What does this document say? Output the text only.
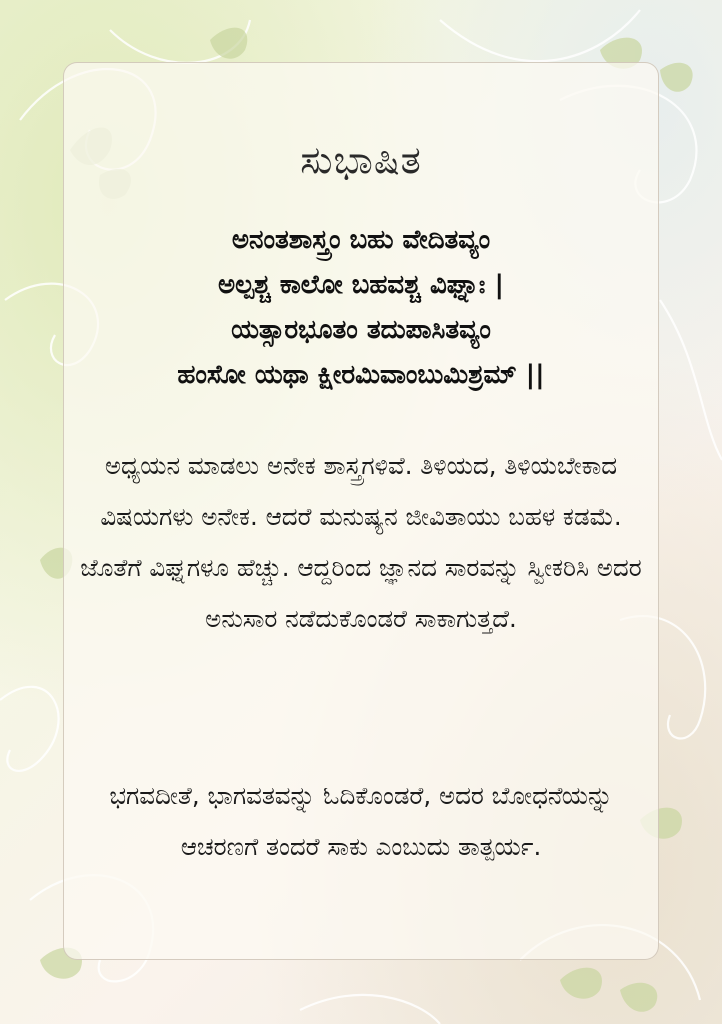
ಸುಭಾಷಿತ
ಅನಂತಶಾಸ್ತ್ರಂ ಬಹು ವೇದಿತವ್ಯಂ
ಅಲ್ಪಶ್ಚ ಕಾಲೋ ಬಹವಶ್ಚ ವಿಘ್ನಾಃ |
ಯತ್ಸಾರಭೂತಂ ತದುಪಾಸಿತವ್ಯಂ
ಹಂಸೋ ಯಥಾ ಕ್ಷೀರಮಿವಾಂಬುಮಿಶ್ರಮ್ ||

ಅಧ್ಯಯನ ಮಾಡಲು ಅನೇಕ ಶಾಸ್ತ್ರಗಳಿವೆ. ತಿಳಿಯದ, ತಿಳಿಯಬೇಕಾದ ವಿಷಯಗಳು ಅನೇಕ. ಆದರೆ ಮನುಷ್ಯನ ಜೀವಿತಾಯು ಬಹಳ ಕಡಮೆ. ಜೊತೆಗೆ ವಿಘ್ನಗಳೂ ಹೆಚ್ಚು. ಆದ್ದರಿಂದ ಜ್ಞಾನದ ಸಾರವನ್ನು ಸ್ವೀಕರಿಸಿ ಅದರ ಅನುಸಾರ ನಡೆದುಕೊಂಡರೆ ಸಾಕಾಗುತ್ತದೆ.

ಭಗವದೀತೆ, ಭಾಗವತವನ್ನು ಓದಿಕೊಂಡರೆ, ಅದರ ಬೋಧನೆಯನ್ನು ಆಚರಣಗೆ ತಂದರೆ ಸಾಕು ಎಂಬುದು ತಾತ್ಪರ್ಯ.
